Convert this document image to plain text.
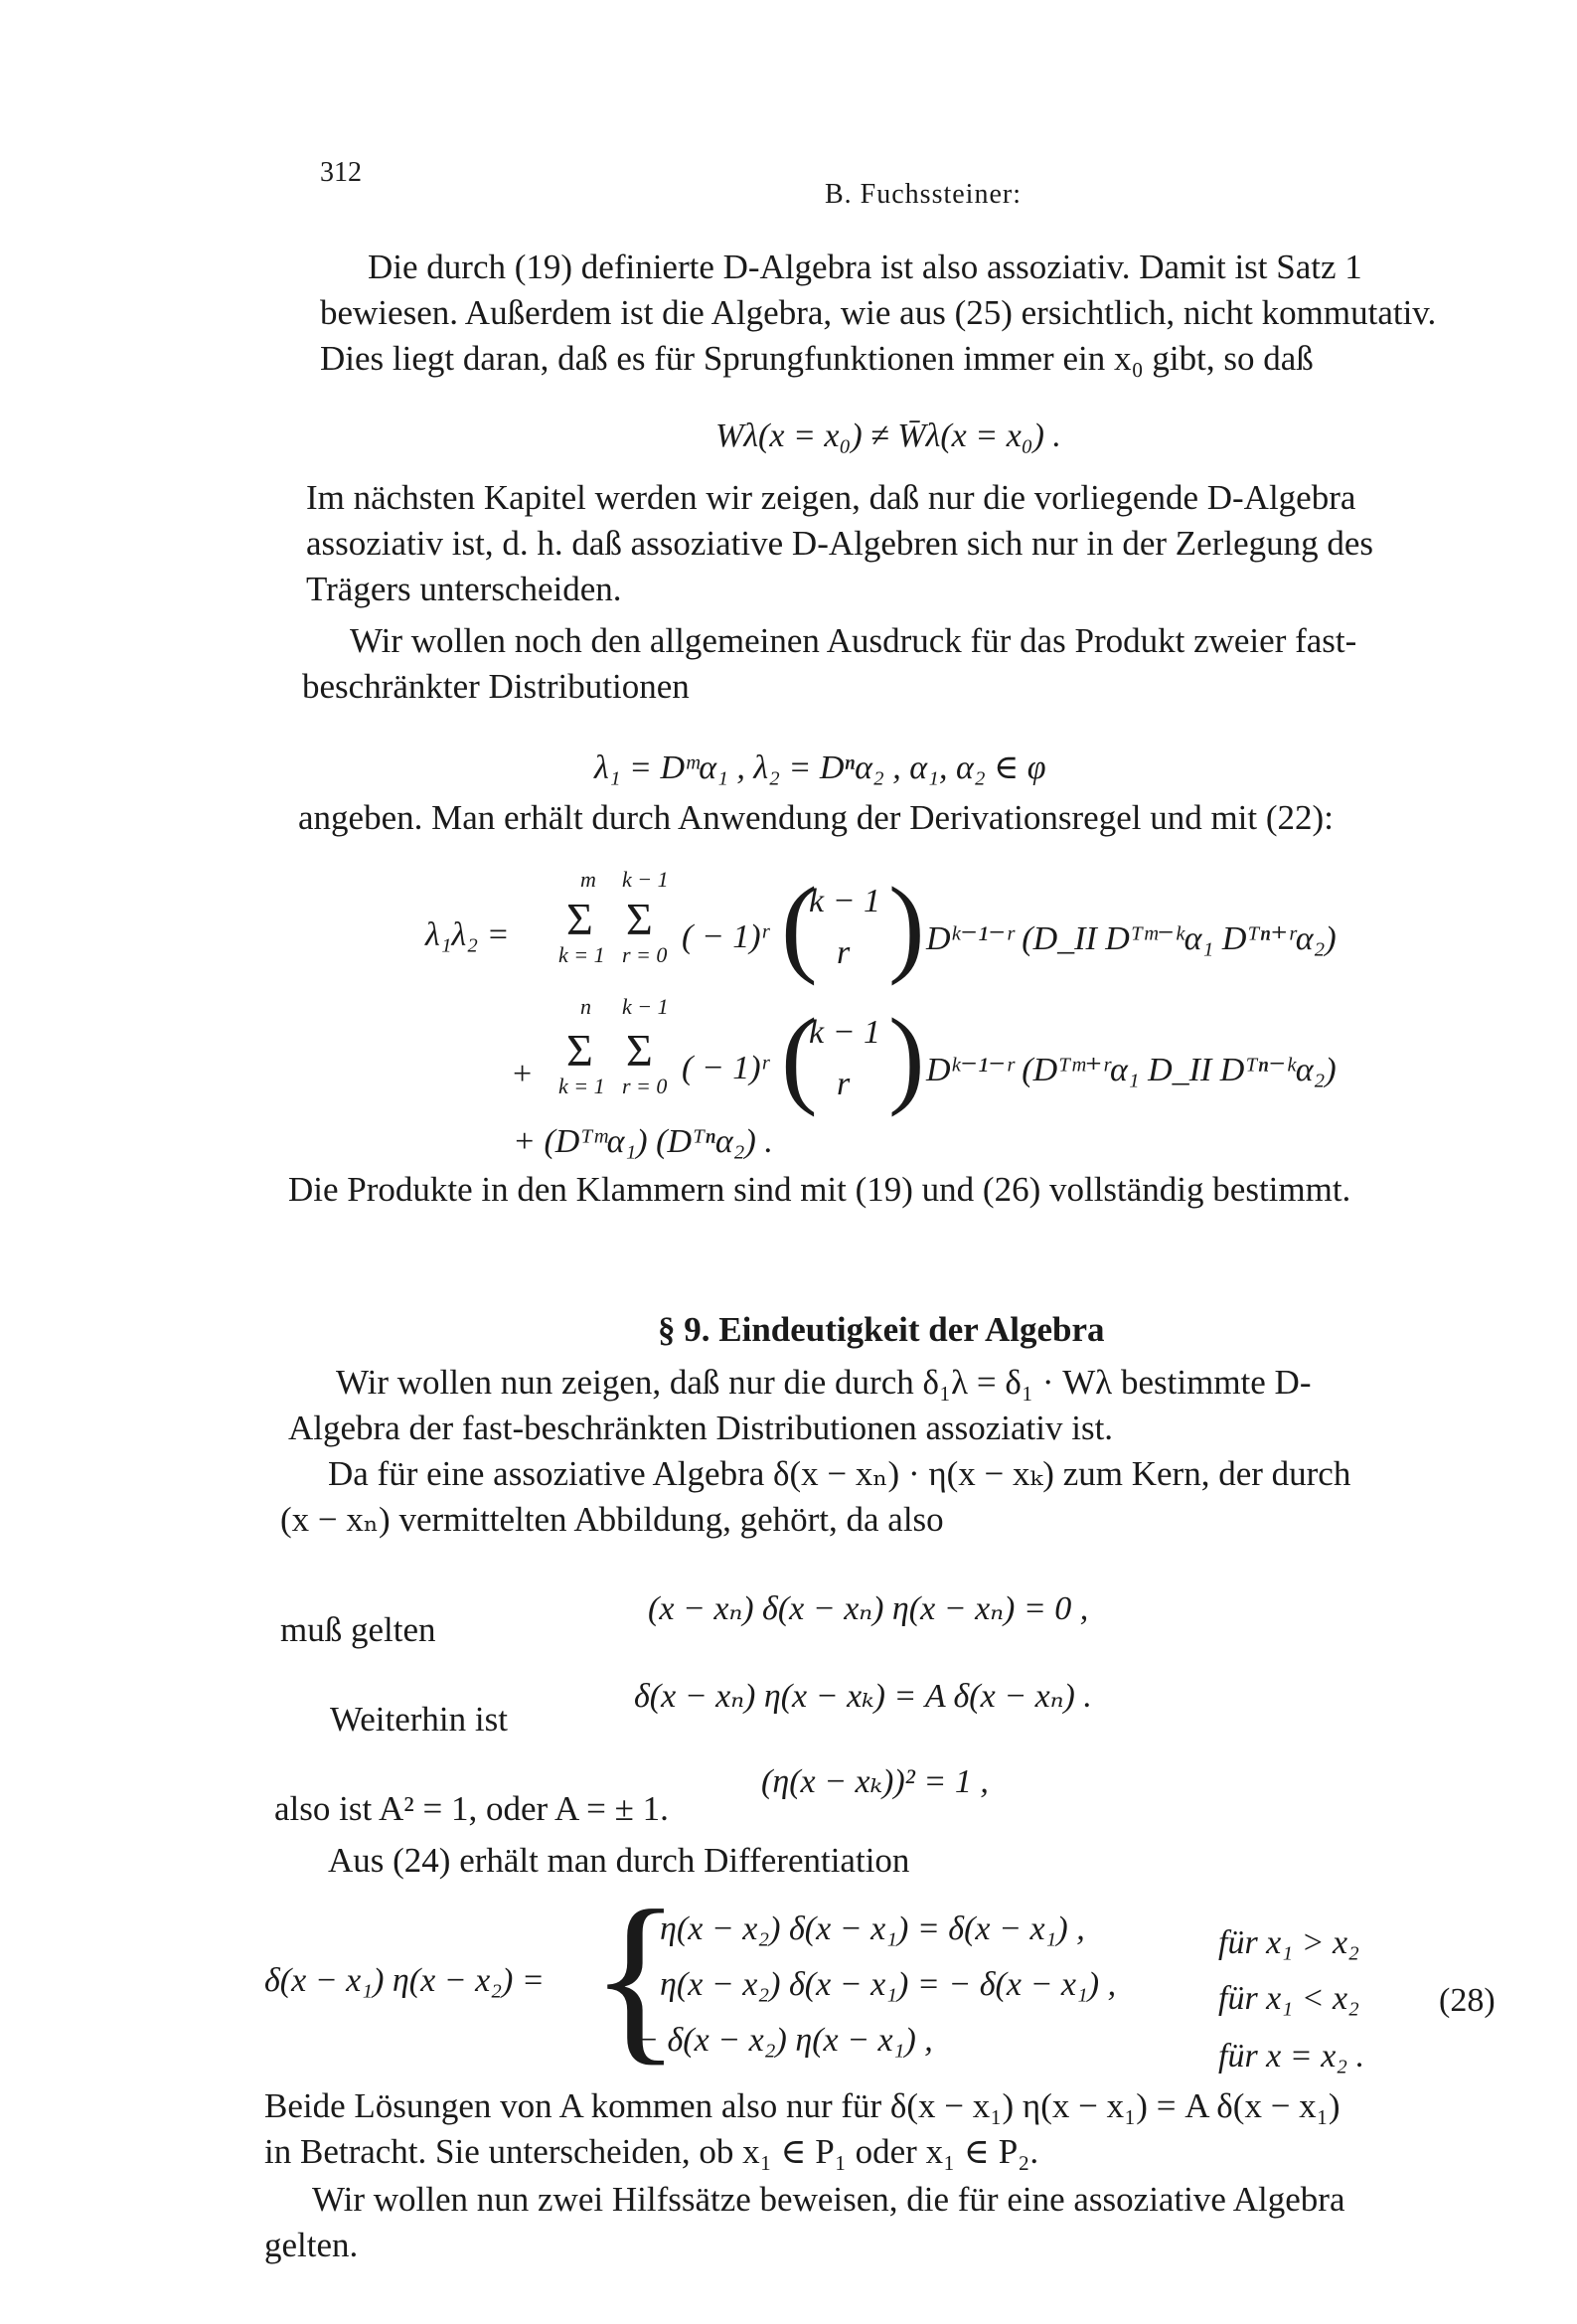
312
B. Fuchssteiner:
Die durch (19) definierte D-Algebra ist also assoziativ. Damit ist Satz 1
bewiesen. Außerdem ist die Algebra, wie aus (25) ersichtlich, nicht kommutativ.
Dies liegt daran, daß es für Sprungfunktionen immer ein x₀ gibt, so daß
Wλ(x = x₀) ≠ W̄λ(x = x₀) .
Im nächsten Kapitel werden wir zeigen, daß nur die vorliegende D-Algebra
assoziativ ist, d. h. daß assoziative D-Algebren sich nur in der Zerlegung des
Trägers unterscheiden.
Wir wollen noch den allgemeinen Ausdruck für das Produkt zweier fast-
beschränkter Distributionen
λ₁ = Dᵐα₁ , λ₂ = Dⁿα₂ , α₁, α₂ ∈ φ
angeben. Man erhält durch Anwendung der Derivationsregel und mit (22):
λ₁λ₂ =
m
Σ
k = 1
k − 1
Σ
r = 0 ( − 1)ʳ (
k − 1
r ) Dᵏ⁻¹⁻ʳ (D_II Dᵀᵐ⁻ᵏα₁ Dᵀⁿ⁺ʳα₂)
+
n
Σ
k = 1
k − 1
Σ
r = 0 ( − 1)ʳ (
k − 1
r ) Dᵏ⁻¹⁻ʳ (Dᵀᵐ⁺ʳα₁ D_II Dᵀⁿ⁻ᵏα₂)
+ (Dᵀᵐα₁) (Dᵀⁿα₂) .
Die Produkte in den Klammern sind mit (19) und (26) vollständig bestimmt.
§ 9. Eindeutigkeit der Algebra
Wir wollen nun zeigen, daß nur die durch δ₁λ = δ₁ · Wλ bestimmte D-
Algebra der fast-beschränkten Distributionen assoziativ ist.
Da für eine assoziative Algebra δ(x − xₙ) · η(x − xₖ) zum Kern, der durch
(x − xₙ) vermittelten Abbildung, gehört, da also
(x − xₙ) δ(x − xₙ) η(x − xₙ) = 0 ,
muß gelten
δ(x − xₙ) η(x − xₖ) = A δ(x − xₙ) .
Weiterhin ist
(η(x − xₖ))² = 1 ,
also ist A² = 1, oder A = ± 1.
Aus (24) erhält man durch Differentiation
δ(x − x₁) η(x − x₂) = {
η(x − x₂) δ(x − x₁) = δ(x − x₁) ,	für x₁ > x₂
η(x − x₂) δ(x − x₁) = − δ(x − x₁) ,	für x₁ < x₂ (28)
− δ(x − x₂) η(x − x₁) ,	für x = x₂ .
Beide Lösungen von A kommen also nur für δ(x − x₁) η(x − x₁) = A δ(x − x₁)
in Betracht. Sie unterscheiden, ob x₁ ∈ P₁ oder x₁ ∈ P₂.
Wir wollen nun zwei Hilfssätze beweisen, die für eine assoziative Algebra
gelten.
